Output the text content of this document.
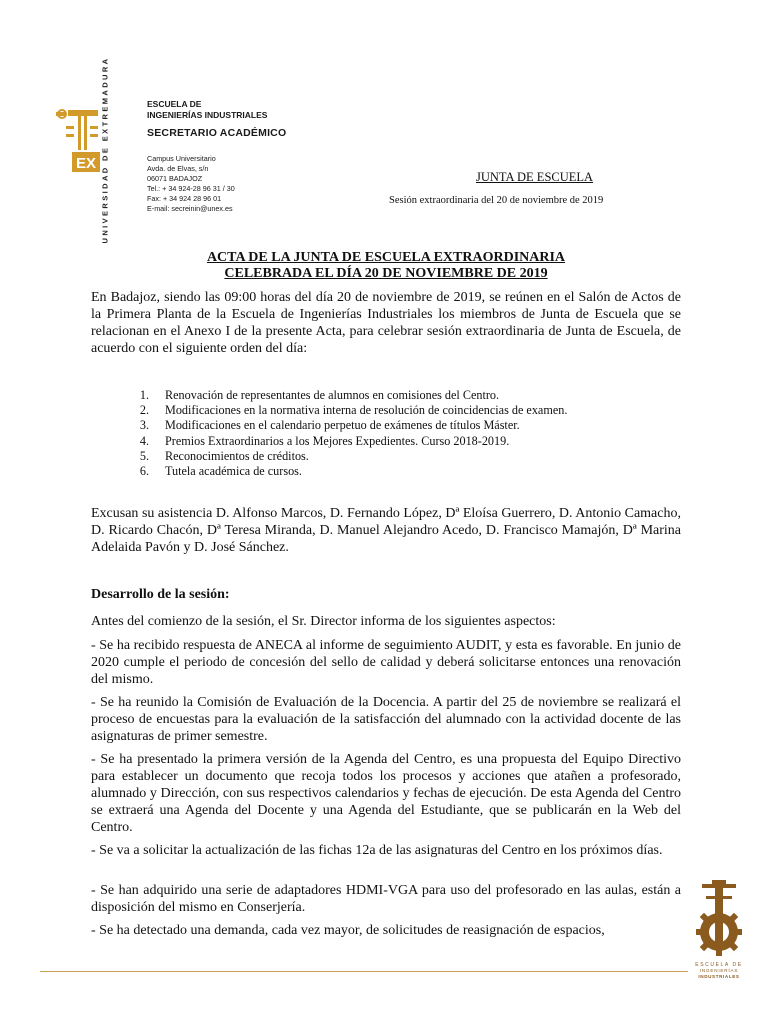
UNIVERSIDAD DE EXTREMADURA
EX
ESCUELA DE
INGENIERÍAS INDUSTRIALES
SECRETARIO ACADÉMICO
Campus Universitario
Avda. de Elvas, s/n
06071 BADAJOZ
Tel.: + 34 924-28 96 31 / 30
Fax: + 34 924 28 96 01
E-mail: secreinin@unex.es
JUNTA DE ESCUELA
Sesión extraordinaria del 20 de noviembre de 2019
ACTA DE LA JUNTA DE ESCUELA EXTRAORDINARIA
CELEBRADA EL DÍA 20 DE NOVIEMBRE DE 2019
En Badajoz, siendo las 09:00 horas del día 20 de noviembre de 2019, se reúnen en el Salón de Actos de la Primera Planta de la Escuela de Ingenierías Industriales los miembros de Junta de Escuela que se relacionan en el Anexo I de la presente Acta, para celebrar sesión extraordinaria de Junta de Escuela, de acuerdo con el siguiente orden del día:
1.	Renovación de representantes de alumnos en comisiones del Centro.
2.	Modificaciones en la normativa interna de resolución de coincidencias de examen.
3.	Modificaciones en el calendario perpetuo de exámenes de títulos Máster.
4.	Premios Extraordinarios a los Mejores Expedientes. Curso 2018-2019.
5.	Reconocimientos de créditos.
6.	Tutela académica de cursos.
Excusan su asistencia D. Alfonso Marcos, D. Fernando López, Dª Eloísa Guerrero, D. Antonio Camacho, D. Ricardo Chacón, Dª Teresa Miranda, D. Manuel Alejandro Acedo, D. Francisco Mamajón, Dª Marina Adelaida Pavón y D. José Sánchez.
Desarrollo de la sesión:
Antes del comienzo de la sesión, el Sr. Director informa de los siguientes aspectos:
- Se ha recibido respuesta de ANECA al informe de seguimiento AUDIT, y esta es favorable. En junio de 2020 cumple el periodo de concesión del sello de calidad y deberá solicitarse entonces una renovación del mismo.
- Se ha reunido la Comisión de Evaluación de la Docencia. A partir del 25 de noviembre se realizará el proceso de encuestas para la evaluación de la satisfacción del alumnado con la actividad docente de las asignaturas de primer semestre.
- Se ha presentado la primera versión de la Agenda del Centro, es una propuesta del Equipo Directivo para establecer un documento que recoja todos los procesos y acciones que atañen a profesorado, alumnado y Dirección, con sus respectivos calendarios y fechas de ejecución. De esta Agenda del Centro se extraerá una Agenda del Docente y una Agenda del Estudiante, que se publicarán en la Web del Centro.
- Se va a solicitar la actualización de las fichas 12a de las asignaturas del Centro en los próximos días.
- Se han adquirido una serie de adaptadores HDMI-VGA para uso del profesorado en las aulas, están a disposición del mismo en Conserjería.
- Se ha detectado una demanda, cada vez mayor, de solicitudes de reasignación de espacios,
ESCUELA DE
INGENIERÍAS
INDUSTRIALES
